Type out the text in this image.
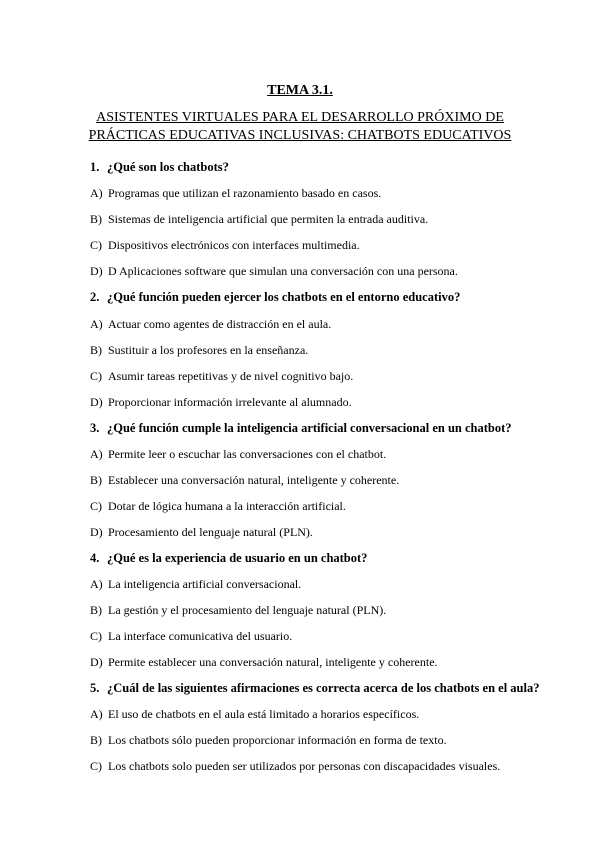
TEMA 3.1.
ASISTENTES VIRTUALES PARA EL DESARROLLO PRÓXIMO DE
PRÁCTICAS EDUCATIVAS INCLUSIVAS: CHATBOTS EDUCATIVOS
1. ¿Qué son los chatbots?
A) Programas que utilizan el razonamiento basado en casos.
B) Sistemas de inteligencia artificial que permiten la entrada auditiva.
C) Dispositivos electrónicos con interfaces multimedia.
D) D Aplicaciones software que simulan una conversación con una persona.
2. ¿Qué función pueden ejercer los chatbots en el entorno educativo?
A) Actuar como agentes de distracción en el aula.
B) Sustituir a los profesores en la enseñanza.
C) Asumir tareas repetitivas y de nivel cognitivo bajo.
D) Proporcionar información irrelevante al alumnado.
3. ¿Qué función cumple la inteligencia artificial conversacional en un chatbot?
A) Permite leer o escuchar las conversaciones con el chatbot.
B) Establecer una conversación natural, inteligente y coherente.
C) Dotar de lógica humana a la interacción artificial.
D) Procesamiento del lenguaje natural (PLN).
4. ¿Qué es la experiencia de usuario en un chatbot?
A) La inteligencia artificial conversacional.
B) La gestión y el procesamiento del lenguaje natural (PLN).
C) La interface comunicativa del usuario.
D) Permite establecer una conversación natural, inteligente y coherente.
5. ¿Cuál de las siguientes afirmaciones es correcta acerca de los chatbots en el aula?
A) El uso de chatbots en el aula está limitado a horarios específicos.
B) Los chatbots sólo pueden proporcionar información en forma de texto.
C) Los chatbots solo pueden ser utilizados por personas con discapacidades visuales.
